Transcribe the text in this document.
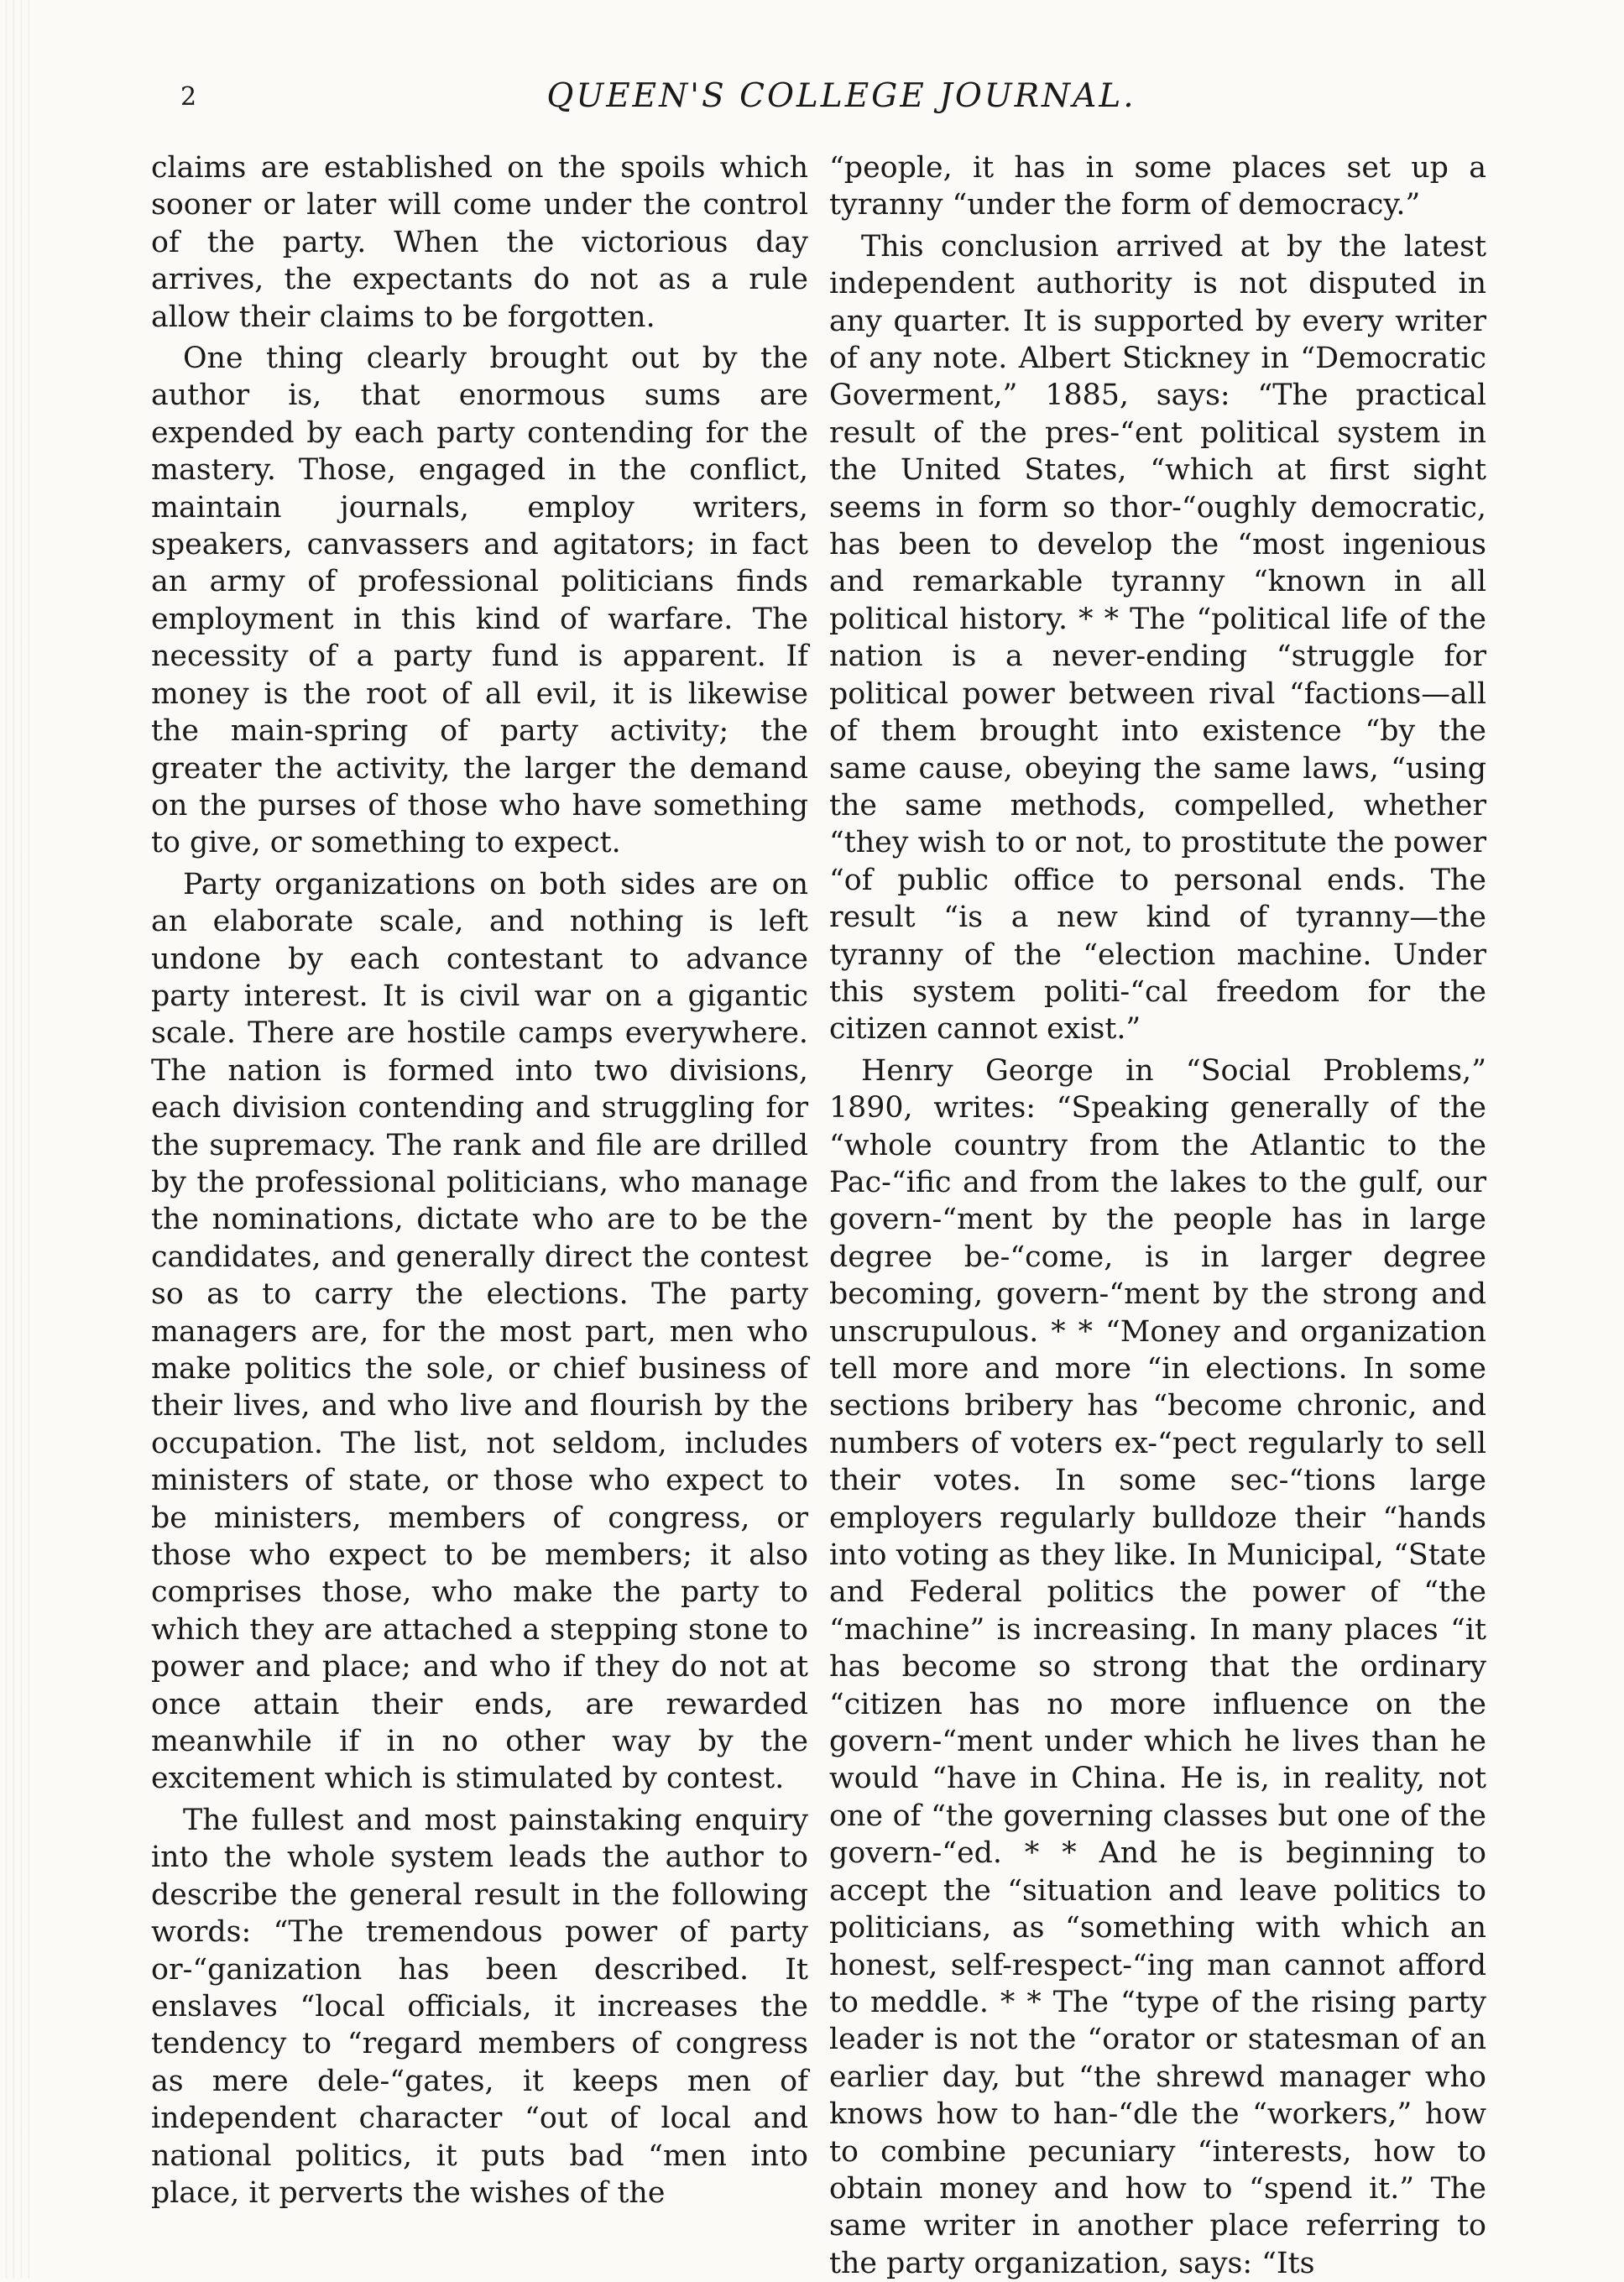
2	QUEEN'S COLLEGE JOURNAL.

claims are established on the spoils which sooner or later will come under the control of the party. When the victorious day arrives, the expectants do not as a rule allow their claims to be forgotten.

One thing clearly brought out by the author is, that enormous sums are expended by each party contending for the mastery. Those, engaged in the conflict, maintain journals, employ writers, speakers, canvassers and agitators; in fact an army of professional politicians finds employment in this kind of warfare. The necessity of a party fund is apparent. If money is the root of all evil, it is likewise the main-spring of party activity; the greater the activity, the larger the demand on the purses of those who have something to give, or something to expect.

Party organizations on both sides are on an elaborate scale, and nothing is left undone by each contestant to advance party interest. It is civil war on a gigantic scale. There are hostile camps everywhere. The nation is formed into two divisions, each division contending and struggling for the supremacy. The rank and file are drilled by the professional politicians, who manage the nominations, dictate who are to be the candidates, and generally direct the contest so as to carry the elections. The party managers are, for the most part, men who make politics the sole, or chief business of their lives, and who live and flourish by the occupation. The list, not seldom, includes ministers of state, or those who expect to be ministers, members of congress, or those who expect to be members; it also comprises those, who make the party to which they are attached a stepping stone to power and place; and who if they do not at once attain their ends, are rewarded meanwhile if in no other way by the excitement which is stimulated by contest.

The fullest and most painstaking enquiry into the whole system leads the author to describe the general result in the following words: “The tremendous power of party or-“ganization has been described. It enslaves “local officials, it increases the tendency to “regard members of congress as mere dele-“gates, it keeps men of independent character “out of local and national politics, it puts bad “men into place, it perverts the wishes of the

“people, it has in some places set up a tyranny “under the form of democracy.”

This conclusion arrived at by the latest independent authority is not disputed in any quarter. It is supported by every writer of any note. Albert Stickney in “Democratic Goverment,” 1885, says: “The practical result of the pres-“ent political system in the United States, “which at first sight seems in form so thor-“oughly democratic, has been to develop the “most ingenious and remarkable tyranny “known in all political history. * * The “political life of the nation is a never-ending “struggle for political power between rival “factions—all of them brought into existence “by the same cause, obeying the same laws, “using the same methods, compelled, whether “they wish to or not, to prostitute the power “of public office to personal ends. The result “is a new kind of tyranny—the tyranny of the “election machine. Under this system politi-“cal freedom for the citizen cannot exist.”

Henry George in “Social Problems,” 1890, writes: “Speaking generally of the “whole country from the Atlantic to the Pac-“ific and from the lakes to the gulf, our govern-“ment by the people has in large degree be-“come, is in larger degree becoming, govern-“ment by the strong and unscrupulous. * * “Money and organization tell more and more “in elections. In some sections bribery has “become chronic, and numbers of voters ex-“pect regularly to sell their votes. In some sec-“tions large employers regularly bulldoze their “hands into voting as they like. In Municipal, “State and Federal politics the power of “the “machine” is increasing. In many places “it has become so strong that the ordinary “citizen has no more influence on the govern-“ment under which he lives than he would “have in China. He is, in reality, not one of “the governing classes but one of the govern-“ed. * * And he is beginning to accept the “situation and leave politics to politicians, as “something with which an honest, self-respect-“ing man cannot afford to meddle. * * The “type of the rising party leader is not the “orator or statesman of an earlier day, but “the shrewd manager who knows how to han-“dle the “workers,” how to combine pecuniary “interests, how to obtain money and how to “spend it.” The same writer in another place referring to the party organization, says: “Its
